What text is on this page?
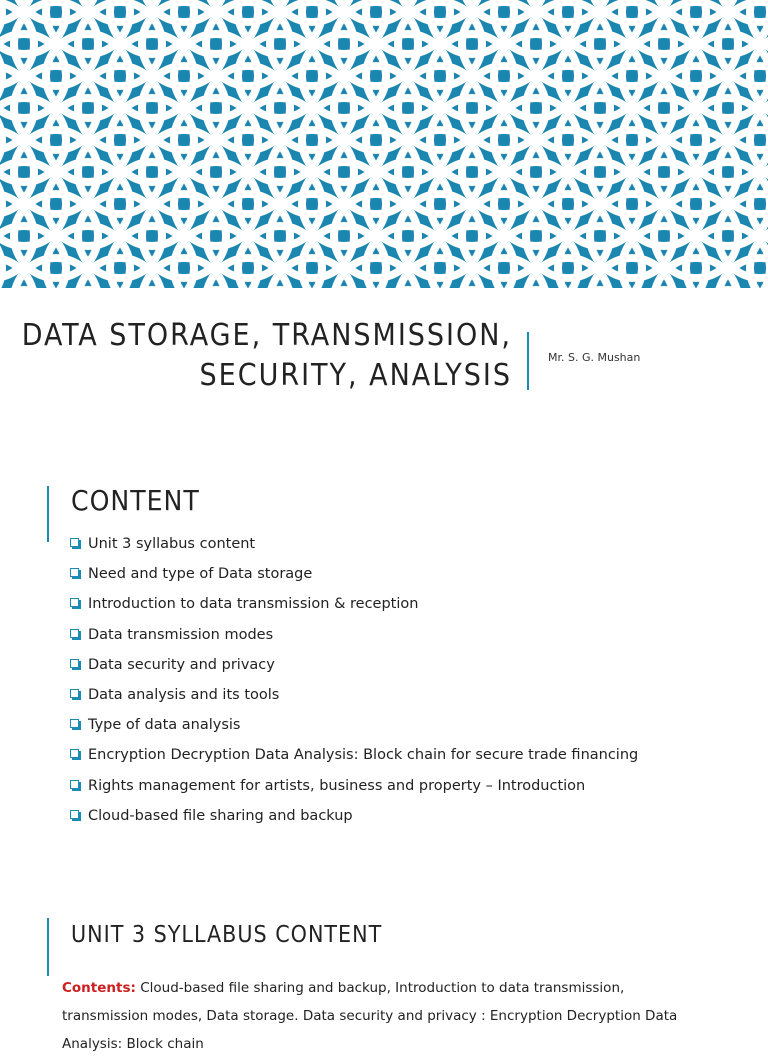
DATA STORAGE, TRANSMISSION,
SECURITY, ANALYSIS
Mr. S. G. Mushan
CONTENT
Unit 3 syllabus content
Need and type of Data storage
Introduction to data transmission & reception
Data transmission modes
Data security and privacy
Data analysis and its tools
Type of data analysis
Encryption Decryption Data Analysis: Block chain for secure trade financing
Rights management for artists, business and property – Introduction
Cloud-based file sharing and backup
UNIT 3 SYLLABUS CONTENT
Contents: Cloud-based file sharing and backup, Introduction to data transmission, transmission modes, Data storage. Data security and privacy : Encryption Decryption Data Analysis: Block chain
